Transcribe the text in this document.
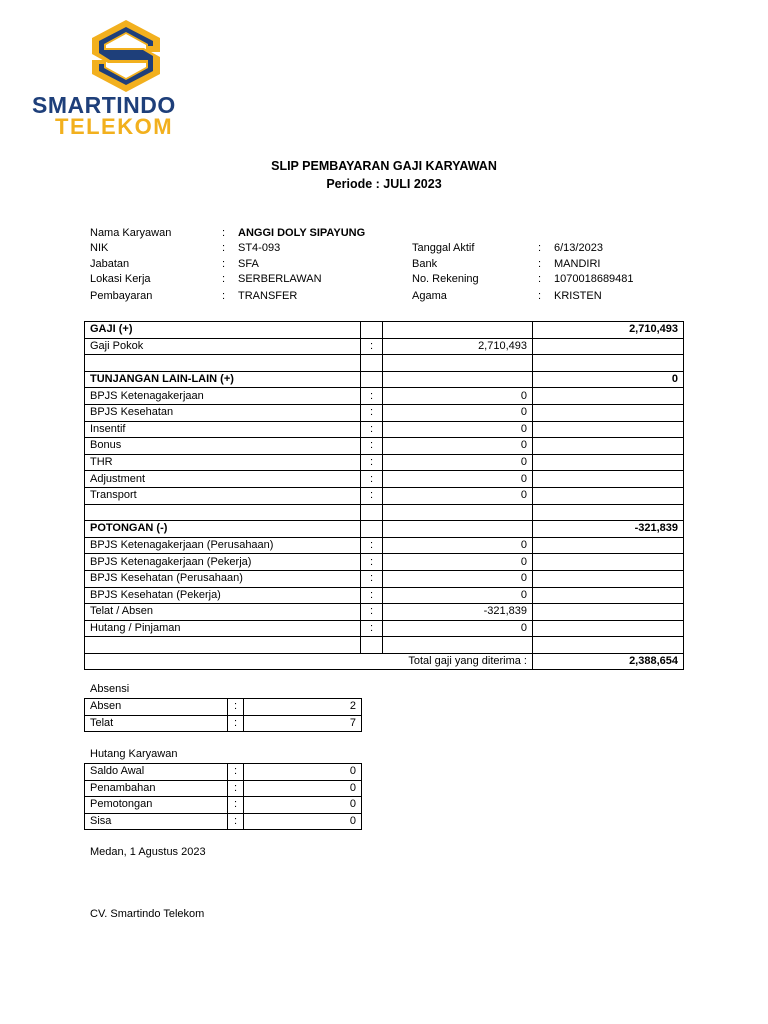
SMARTINDO
TELEKOM
SLIP PEMBAYARAN GAJI KARYAWAN
Periode : JULI 2023
Nama Karyawan	: ANGGI DOLY SIPAYUNG
NIK	: ST4-093
Jabatan	: SFA
Lokasi Kerja	: SERBERLAWAN
Pembayaran	: TRANSFER
Tanggal Aktif	: 6/13/2023
Bank	: MANDIRI
No. Rekening	: 1070018689481
Agama	: KRISTEN
GAJI (+)			2,710,493
Gaji Pokok	:	2,710,493	

TUNJANGAN LAIN-LAIN (+)			0
BPJS Ketenagakerjaan	:	0	
BPJS Kesehatan	:	0	
Insentif	:	0	
Bonus	:	0	
THR	:	0	
Adjustment	:	0	
Transport	:	0	

POTONGAN (-)			-321,839
BPJS Ketenagakerjaan (Perusahaan)	:	0	
BPJS Ketenagakerjaan (Pekerja)	:	0	
BPJS Kesehatan (Perusahaan)	:	0	
BPJS Kesehatan (Pekerja)	:	0	
Telat / Absen	:	-321,839	
Hutang / Pinjaman	:	0	

Total gaji yang diterima :			2,388,654
Absensi
Absen	:	2
Telat	:	7
Hutang Karyawan
Saldo Awal	:	0
Penambahan	:	0
Pemotongan	:	0
Sisa	:	0
Medan, 1 Agustus 2023
CV. Smartindo Telekom
